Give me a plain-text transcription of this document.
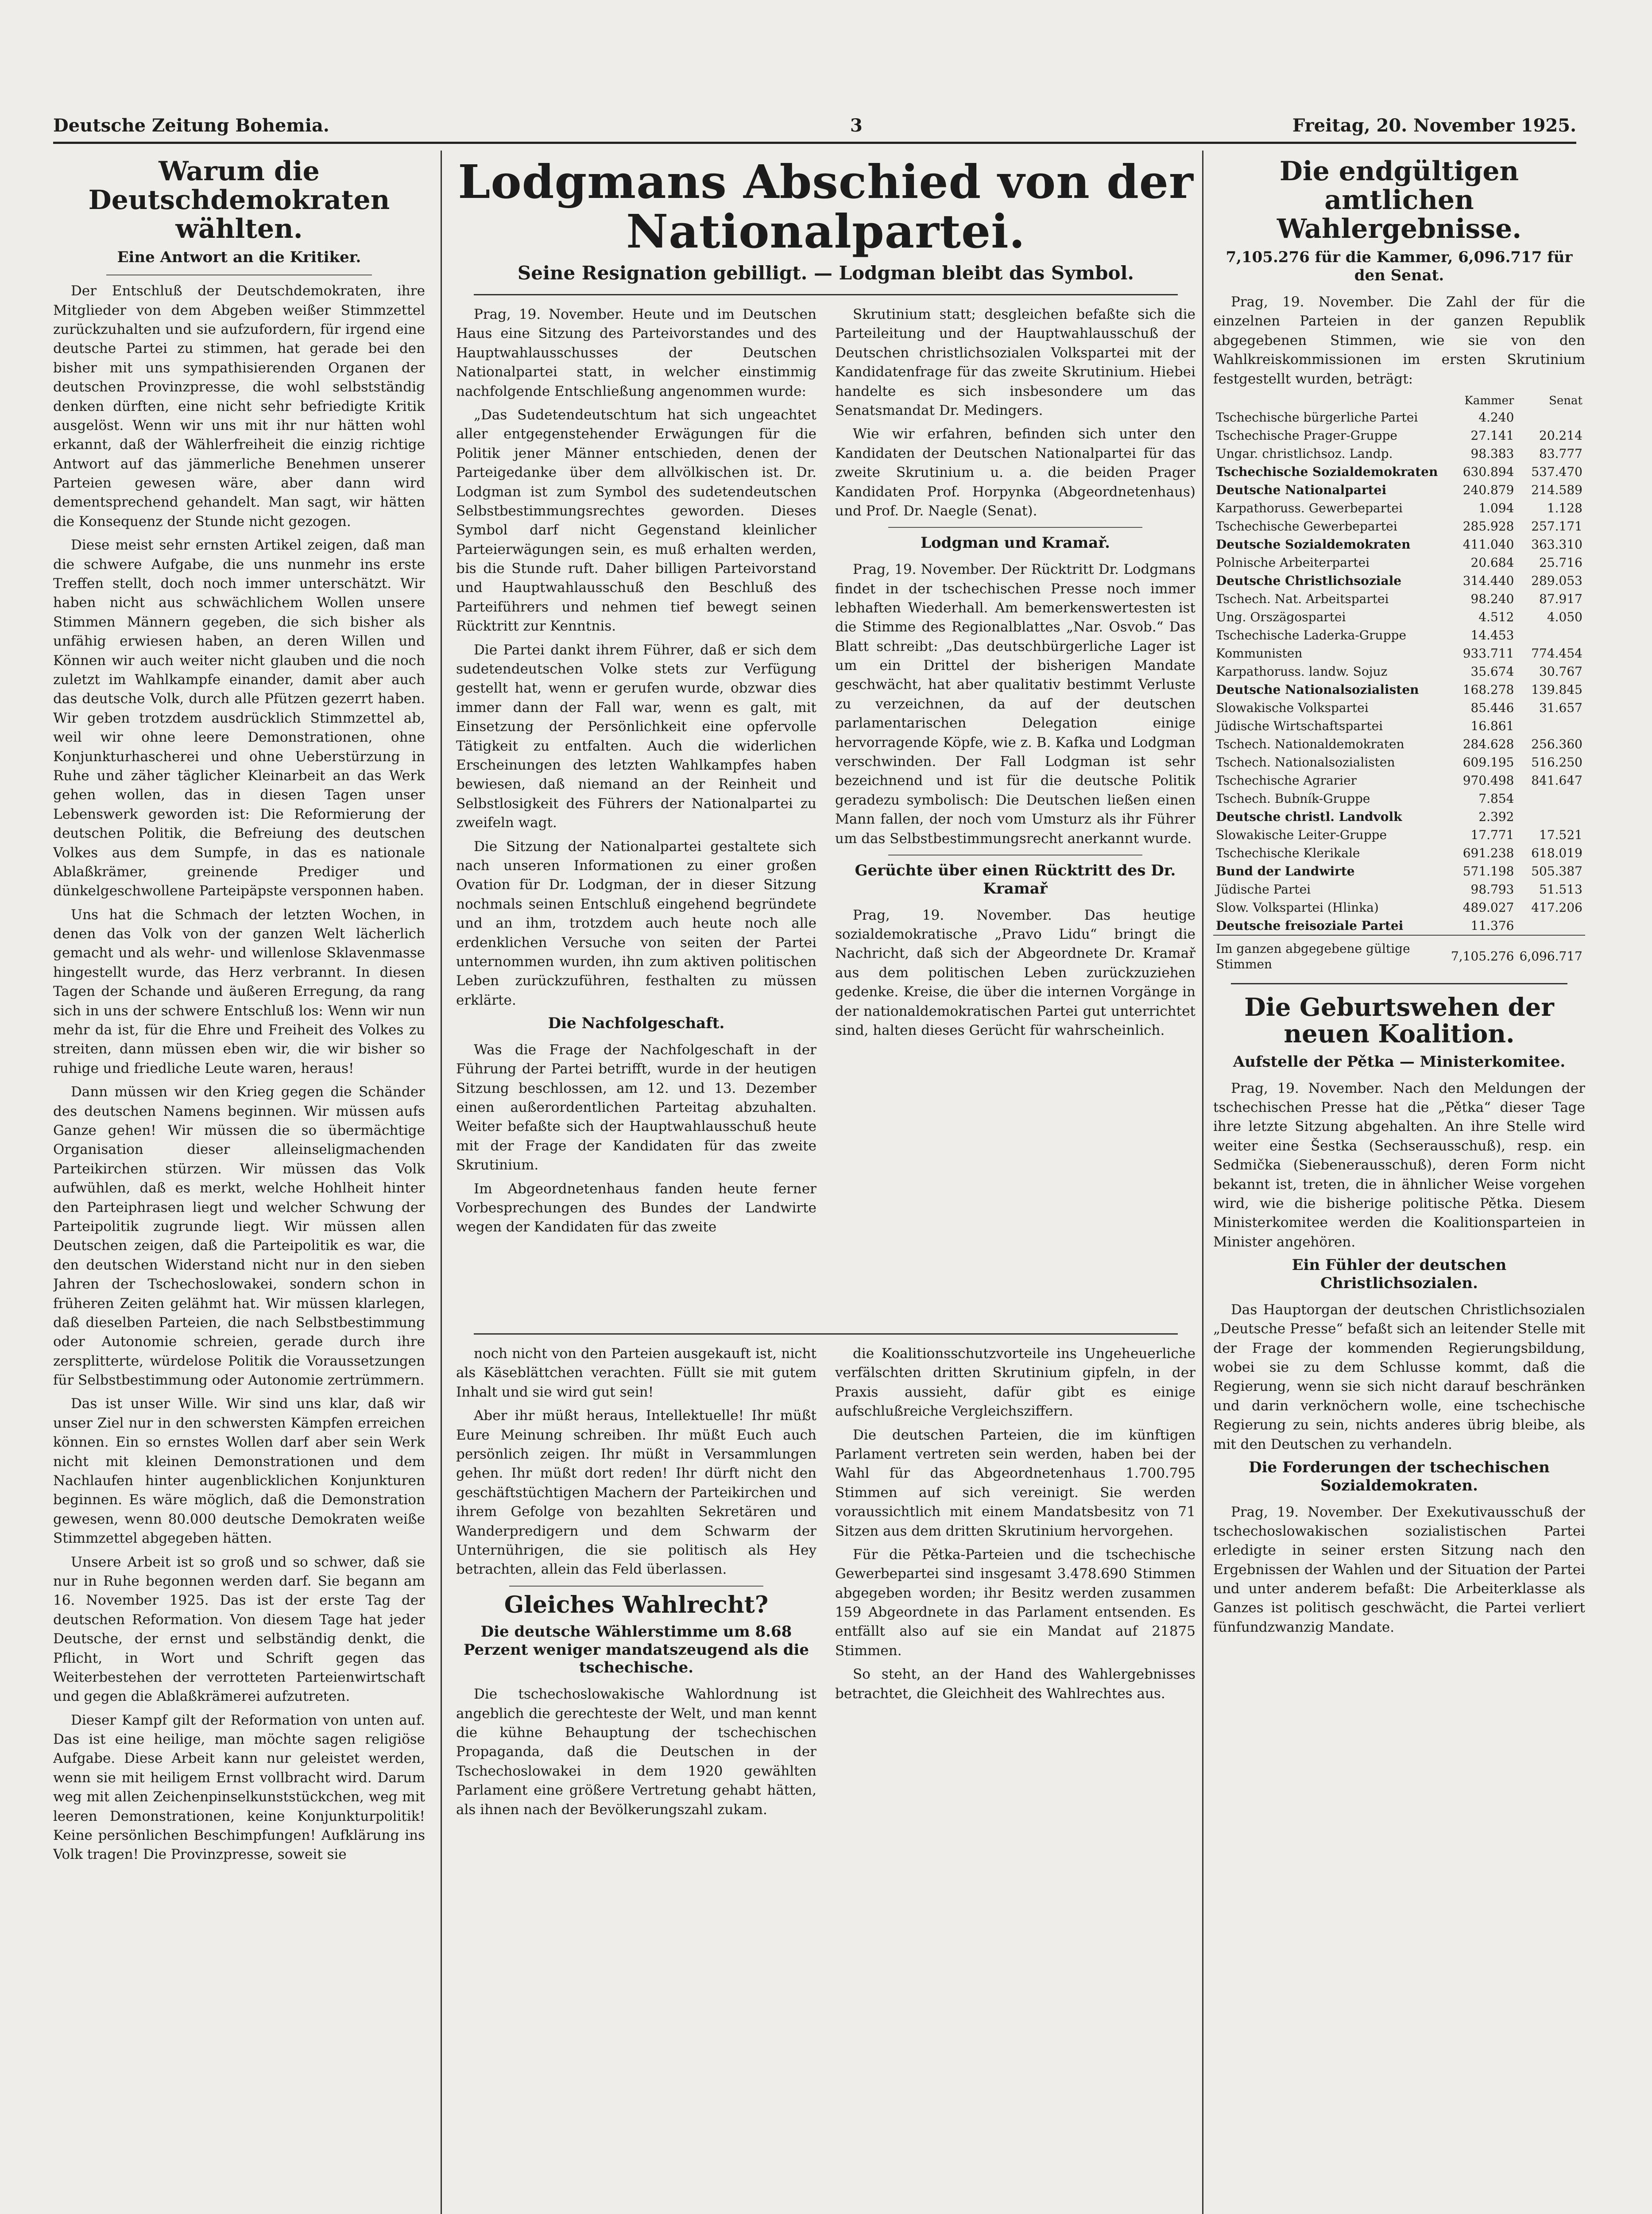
Deutsche Zeitung Bohemia.	3	Freitag, 20. November 1925.
Warum die Deutschdemokraten wählten.
Eine Antwort an die Kritiker.

Der Entschluß der Deutschdemokraten, ihre Mitglieder von dem Abgeben weißer Stimmzettel zurückzuhalten und sie aufzufordern, für irgend eine deutsche Partei zu stimmen, hat gerade bei den bisher mit uns sympathisierenden Organen der deutschen Provinzpresse, die wohl selbstständig denken dürften, eine nicht sehr befriedigte Kritik ausgelöst. Wenn wir uns mit ihr nur hätten wohl erkannt, daß der Wählerfreiheit die einzig richtige Antwort auf das jämmerliche Benehmen unserer Parteien gewesen wäre, aber dann wird dementsprechend gehandelt. Man sagt, wir hätten die Konsequenz der Stunde nicht gezogen.

Diese meist sehr ernsten Artikel zeigen, daß man die schwere Aufgabe, die uns nunmehr ins erste Treffen stellt, doch noch immer unterschätzt. Wir haben nicht aus schwächlichem Wollen unsere Stimmen Männern gegeben, die sich bisher als unfähig erwiesen haben, an deren Willen und Können wir auch weiter nicht glauben und die noch zuletzt im Wahlkampfe einander, damit aber auch das deutsche Volk, durch alle Pfützen gezerrt haben. Wir geben trotzdem ausdrücklich Stimmzettel ab, weil wir ohne leere Demonstrationen, ohne Konjunkturhascherei und ohne Ueberstürzung in Ruhe und zäher täglicher Kleinarbeit an das Werk gehen wollen, das in diesen Tagen unser Lebenswerk geworden ist: Die Reformierung der deutschen Politik, die Befreiung des deutschen Volkes aus dem Sumpfe, in das es nationale Ablaßkrämer, greinende Prediger und dünkelgeschwollene Parteipäpste versponnen haben.

Uns hat die Schmach der letzten Wochen, in denen das Volk von der ganzen Welt lächerlich gemacht und als wehr- und willenlose Sklavenmasse hingestellt wurde, das Herz verbrannt. In diesen Tagen der Schande und äußeren Erregung, da rang sich in uns der schwere Entschluß los: Wenn wir nun mehr da ist, für die Ehre und Freiheit des Volkes zu streiten, dann müssen eben wir, die wir bisher so ruhige und friedliche Leute waren, heraus!

Dann müssen wir den Krieg gegen die Schänder des deutschen Namens beginnen. Wir müssen aufs Ganze gehen! Wir müssen die so übermächtige Organisation dieser alleinseligmachenden Parteikirchen stürzen. Wir müssen das Volk aufwühlen, daß es merkt, welche Hohlheit hinter den Parteiphrasen liegt und welcher Schwung der Parteipolitik zugrunde liegt. Wir müssen allen Deutschen zeigen, daß die Parteipolitik es war, die den deutschen Widerstand nicht nur in den sieben Jahren der Tschechoslowakei, sondern schon in früheren Zeiten gelähmt hat. Wir müssen klarlegen, daß dieselben Parteien, die nach Selbstbestimmung oder Autonomie schreien, gerade durch ihre zersplitterte, würdelose Politik die Voraussetzungen für Selbstbestimmung oder Autonomie zertrümmern.

Das ist unser Wille. Wir sind uns klar, daß wir unser Ziel nur in den schwersten Kämpfen erreichen können. Ein so ernstes Wollen darf aber sein Werk nicht mit kleinen Demonstrationen und dem Nachlaufen hinter augenblicklichen Konjunkturen beginnen. Es wäre möglich, daß die Demonstration gewesen, wenn 80.000 deutsche Demokraten weiße Stimmzettel abgegeben hätten.

Unsere Arbeit ist so groß und so schwer, daß sie nur in Ruhe begonnen werden darf. Sie begann am 16. November 1925. Das ist der erste Tag der deutschen Reformation. Von diesem Tage hat jeder Deutsche, der ernst und selbständig denkt, die Pflicht, in Wort und Schrift gegen das Weiterbestehen der verrotteten Parteienwirtschaft und gegen die Ablaßkrämerei aufzutreten.

Dieser Kampf gilt der Reformation von unten auf. Das ist eine heilige, man möchte sagen religiöse Aufgabe. Diese Arbeit kann nur geleistet werden, wenn sie mit heiligem Ernst vollbracht wird. Darum weg mit allen Zeichenpinselkunststückchen, weg mit leeren Demonstrationen, keine Konjunkturpolitik! Keine persönlichen Beschimpfungen! Aufklärung ins Volk tragen! Die Provinzpresse, soweit sie

Lodgmans Abschied von der Nationalpartei.
Seine Resignation gebilligt. — Lodgman bleibt das Symbol.

Prag, 19. November. Heute und im Deutschen Haus eine Sitzung des Parteivorstandes und des Hauptwahlausschusses der Deutschen Nationalpartei statt, in welcher einstimmig nachfolgende Entschließung angenommen wurde:

„Das Sudetendeutschtum hat sich ungeachtet aller entgegenstehender Erwägungen für die Politik jener Männer entschieden, denen der Parteigedanke über dem allvölkischen ist. Dr. Lodgman ist zum Symbol des sudetendeutschen Selbstbestimmungsrechtes geworden. Dieses Symbol darf nicht Gegenstand kleinlicher Parteierwägungen sein, es muß erhalten werden, bis die Stunde ruft. Daher billigen Parteivorstand und Hauptwahlausschuß den Beschluß des Parteiführers und nehmen tief bewegt seinen Rücktritt zur Kenntnis.

Die Partei dankt ihrem Führer, daß er sich dem sudetendeutschen Volke stets zur Verfügung gestellt hat, wenn er gerufen wurde, obzwar dies immer dann der Fall war, wenn es galt, mit Einsetzung der Persönlichkeit eine opfervolle Tätigkeit zu entfalten. Auch die widerlichen Erscheinungen des letzten Wahlkampfes haben bewiesen, daß niemand an der Reinheit und Selbstlosigkeit des Führers der Nationalpartei zu zweifeln wagt.

Die Sitzung der Nationalpartei gestaltete sich nach unseren Informationen zu einer großen Ovation für Dr. Lodgman, der in dieser Sitzung nochmals seinen Entschluß eingehend begründete und an ihm, trotzdem auch heute noch alle erdenklichen Versuche von seiten der Partei unternommen wurden, ihn zum aktiven politischen Leben zurückzuführen, festhalten zu müssen erklärte.

Die Nachfolgeschaft.

Was die Frage der Nachfolgeschaft in der Führung der Partei betrifft, wurde in der heutigen Sitzung beschlossen, am 12. und 13. Dezember einen außerordentlichen Parteitag abzuhalten. Weiter befaßte sich der Hauptwahlausschuß heute mit der Frage der Kandidaten für das zweite Skrutinium.

Im Abgeordnetenhaus fanden heute ferner Vorbesprechungen des Bundes der Landwirte wegen der Kandidaten für das zweite

Skrutinium statt; desgleichen befaßte sich die Parteileitung und der Hauptwahlausschuß der Deutschen christlichsozialen Volkspartei mit der Kandidatenfrage für das zweite Skrutinium. Hiebei handelte es sich insbesondere um das Senatsmandat Dr. Medingers.

Wie wir erfahren, befinden sich unter den Kandidaten der Deutschen Nationalpartei für das zweite Skrutinium u. a. die beiden Prager Kandidaten Prof. Horpynka (Abgeordnetenhaus) und Prof. Dr. Naegle (Senat).

Lodgman und Kramař.

Prag, 19. November. Der Rücktritt Dr. Lodgmans findet in der tschechischen Presse noch immer lebhaften Wiederhall. Am bemerkenswertesten ist die Stimme des Regionalblattes „Nar. Osvob.“ Das Blatt schreibt: „Das deutschbürgerliche Lager ist um ein Drittel der bisherigen Mandate geschwächt, hat aber qualitativ bestimmt Verluste zu verzeichnen, da auf der deutschen parlamentarischen Delegation einige hervorragende Köpfe, wie z. B. Kafka und Lodgman verschwinden. Der Fall Lodgman ist sehr bezeichnend und ist für die deutsche Politik geradezu symbolisch: Die Deutschen ließen einen Mann fallen, der noch vom Umsturz als ihr Führer um das Selbstbestimmungsrecht anerkannt wurde.

Gerüchte über einen Rücktritt des Dr. Kramař

Prag, 19. November. Das heutige sozialdemokratische „Pravo Lidu“ bringt die Nachricht, daß sich der Abgeordnete Dr. Kramař aus dem politischen Leben zurückzuziehen gedenke. Kreise, die über die internen Vorgänge in der nationaldemokratischen Partei gut unterrichtet sind, halten dieses Gerücht für wahrscheinlich.

noch nicht von den Parteien ausgekauft ist, nicht als Käseblättchen verachten. Füllt sie mit gutem Inhalt und sie wird gut sein!

Aber ihr müßt heraus, Intellektuelle! Ihr müßt Eure Meinung schreiben. Ihr müßt Euch auch persönlich zeigen. Ihr müßt in Versammlungen gehen. Ihr müßt dort reden! Ihr dürft nicht den geschäftstüchtigen Machern der Parteikirchen und ihrem Gefolge von bezahlten Sekretären und Wanderpredigern und dem Schwarm der Unternührigen, die sie politisch als Hey betrachten, allein das Feld überlassen.

Gleiches Wahlrecht?
Die deutsche Wählerstimme um 8.68 Perzent weniger mandatszeugend als die tschechische.

Die tschechoslowakische Wahlordnung ist angeblich die gerechteste der Welt, und man kennt die kühne Behauptung der tschechischen Propaganda, daß die Deutschen in der Tschechoslowakei in dem 1920 gewählten Parlament eine größere Vertretung gehabt hätten, als ihnen nach der Bevölkerungszahl zukam.

die Koalitionsschutzvorteile ins Ungeheuerliche verfälschten dritten Skrutinium gipfeln, in der Praxis aussieht, dafür gibt es einige aufschlußreiche Vergleichsziffern.

Die deutschen Parteien, die im künftigen Parlament vertreten sein werden, haben bei der Wahl für das Abgeordnetenhaus 1.700.795 Stimmen auf sich vereinigt. Sie werden voraussichtlich mit einem Mandatsbesitz von 71 Sitzen aus dem dritten Skrutinium hervorgehen.

Für die Pětka-Parteien und die tschechische Gewerbepartei sind insgesamt 3.478.690 Stimmen abgegeben worden; ihr Besitz werden zusammen 159 Abgeordnete in das Parlament entsenden. Es entfällt also auf sie ein Mandat auf 21875 Stimmen.

So steht, an der Hand des Wahlergebnisses betrachtet, die Gleichheit des Wahlrechtes aus.

Die endgültigen amtlichen Wahlergebnisse.
7,105.276 für die Kammer, 6,096.717 für den Senat.

Prag, 19. November. Die Zahl der für die einzelnen Parteien in der ganzen Republik abgegebenen Stimmen, wie sie von den Wahlkreiskommissionen im ersten Skrutinium festgestellt wurden, beträgt:

	Kammer	Senat
Tschechische bürgerliche Partei	4.240	
Tschechische Prager-Gruppe	27.141	20.214
Ungar. christlichsoz. Landp.	98.383	83.777
Tschechische Sozialdemokraten	630.894	537.470
Deutsche Nationalpartei	240.879	214.589
Karpathoruss. Gewerbepartei	1.094	1.128
Tschechische Gewerbepartei	285.928	257.171
Deutsche Sozialdemokraten	411.040	363.310
Polnische Arbeiterpartei	20.684	25.716
Deutsche Christlichsoziale	314.440	289.053
Tschech. Nat. Arbeitspartei	98.240	87.917
Ung. Orszägospartei	4.512	4.050
Tschechische Laderka-Gruppe	14.453	
Kommunisten	933.711	774.454
Karpathoruss. landw. Sojuz	35.674	30.767
Deutsche Nationalsozialisten	168.278	139.845
Slowakische Volkspartei	85.446	31.657
Jüdische Wirtschaftspartei	16.861	
Tschech. Nationaldemokraten	284.628	256.360
Tschech. Nationalsozialisten	609.195	516.250
Tschechische Agrarier	970.498	841.647
Tschech. Bubník-Gruppe	7.854	
Deutsche christl. Landvolk	2.392	
Slowakische Leiter-Gruppe	17.771	17.521
Tschechische Klerikale	691.238	618.019
Bund der Landwirte	571.198	505.387
Jüdische Partei	98.793	51.513
Slow. Volkspartei (Hlinka)	489.027	417.206
Deutsche freisoziale Partei	11.376	
Im ganzen abgegebene gültige Stimmen	7,105.276	6,096.717
Die Geburtswehen der neuen Koalition.
Aufstelle der Pětka — Ministerkomitee.

Prag, 19. November. Nach den Meldungen der tschechischen Presse hat die „Pětka“ dieser Tage ihre letzte Sitzung abgehalten. An ihre Stelle wird weiter eine Šestka (Sechserausschuß), resp. ein Sedmička (Siebenerausschuß), deren Form nicht bekannt ist, treten, die in ähnlicher Weise vorgehen wird, wie die bisherige politische Pětka. Diesem Ministerkomitee werden die Koalitionsparteien in Minister angehören.

Ein Fühler der deutschen Christlichsozialen.

Das Hauptorgan der deutschen Christlichsozialen „Deutsche Presse“ befaßt sich an leitender Stelle mit der Frage der kommenden Regierungsbildung, wobei sie zu dem Schlusse kommt, daß die Regierung, wenn sie sich nicht darauf beschränken und darin verknöchern wolle, eine tschechische Regierung zu sein, nichts anderes übrig bleibe, als mit den Deutschen zu verhandeln.

Die Forderungen der tschechischen Sozialdemokraten.

Prag, 19. November. Der Exekutivausschuß der tschechoslowakischen sozialistischen Partei erledigte in seiner ersten Sitzung nach den Ergebnissen der Wahlen und der Situation der Partei und unter anderem befaßt: Die Arbeiterklasse als Ganzes ist politisch geschwächt, die Partei verliert fünfundzwanzig Mandate.
